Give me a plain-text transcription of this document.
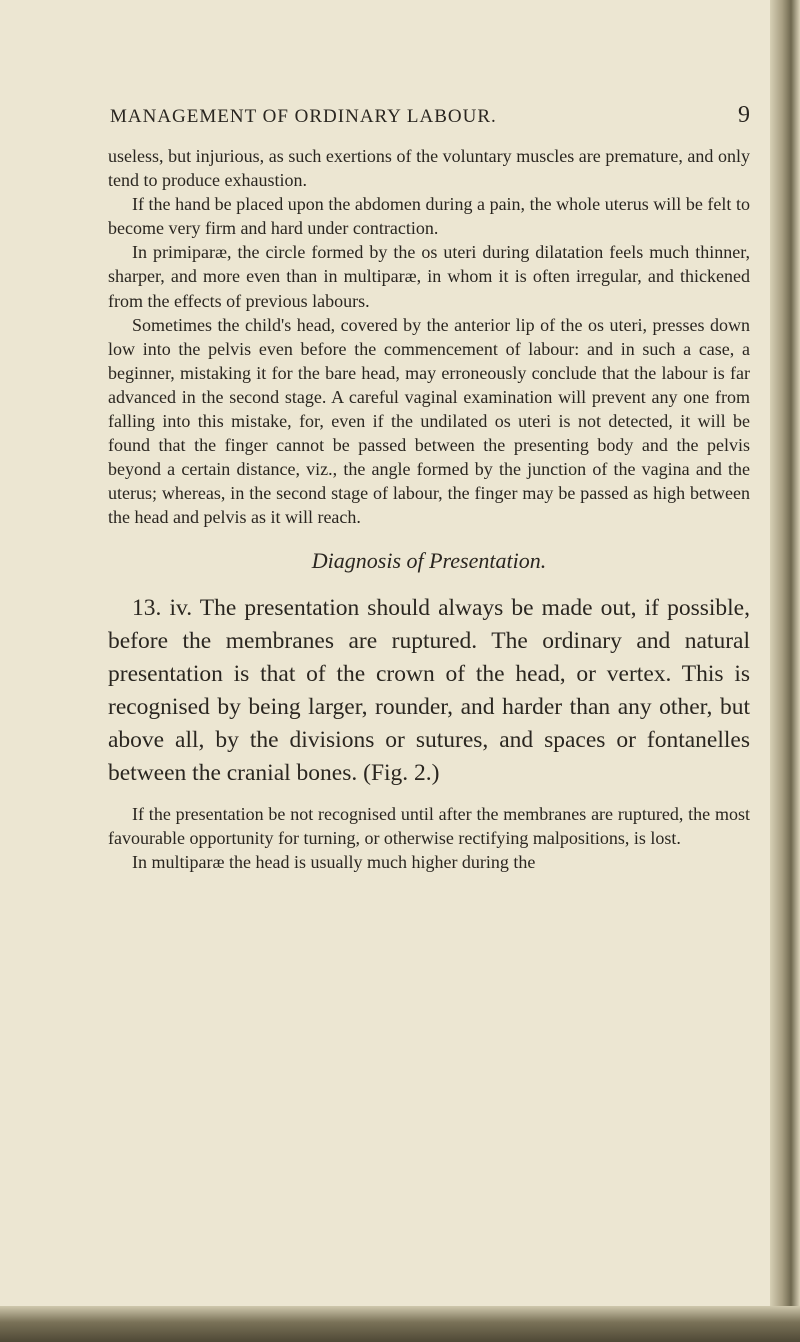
MANAGEMENT OF ORDINARY LABOUR.	9

useless, but injurious, as such exertions of the voluntary muscles are premature, and only tend to produce exhaustion.

If the hand be placed upon the abdomen during a pain, the whole uterus will be felt to become very firm and hard under contraction.

In primiparæ, the circle formed by the os uteri during dilatation feels much thinner, sharper, and more even than in multiparæ, in whom it is often irregular, and thickened from the effects of previous labours.

Sometimes the child's head, covered by the anterior lip of the os uteri, presses down low into the pelvis even before the commencement of labour: and in such a case, a beginner, mistaking it for the bare head, may erroneously conclude that the labour is far advanced in the second stage. A careful vaginal examination will prevent any one from falling into this mistake, for, even if the undilated os uteri is not detected, it will be found that the finger cannot be passed between the presenting body and the pelvis beyond a certain distance, viz., the angle formed by the junction of the vagina and the uterus; whereas, in the second stage of labour, the finger may be passed as high between the head and pelvis as it will reach.

Diagnosis of Presentation.

13. iv. The presentation should always be made out, if possible, before the membranes are ruptured. The ordinary and natural presentation is that of the crown of the head, or vertex. This is recognised by being larger, rounder, and harder than any other, but above all, by the divisions or sutures, and spaces or fontanelles between the cranial bones. (Fig. 2.)

If the presentation be not recognised until after the membranes are ruptured, the most favourable opportunity for turning, or otherwise rectifying malpositions, is lost.

In multiparæ the head is usually much higher during the
